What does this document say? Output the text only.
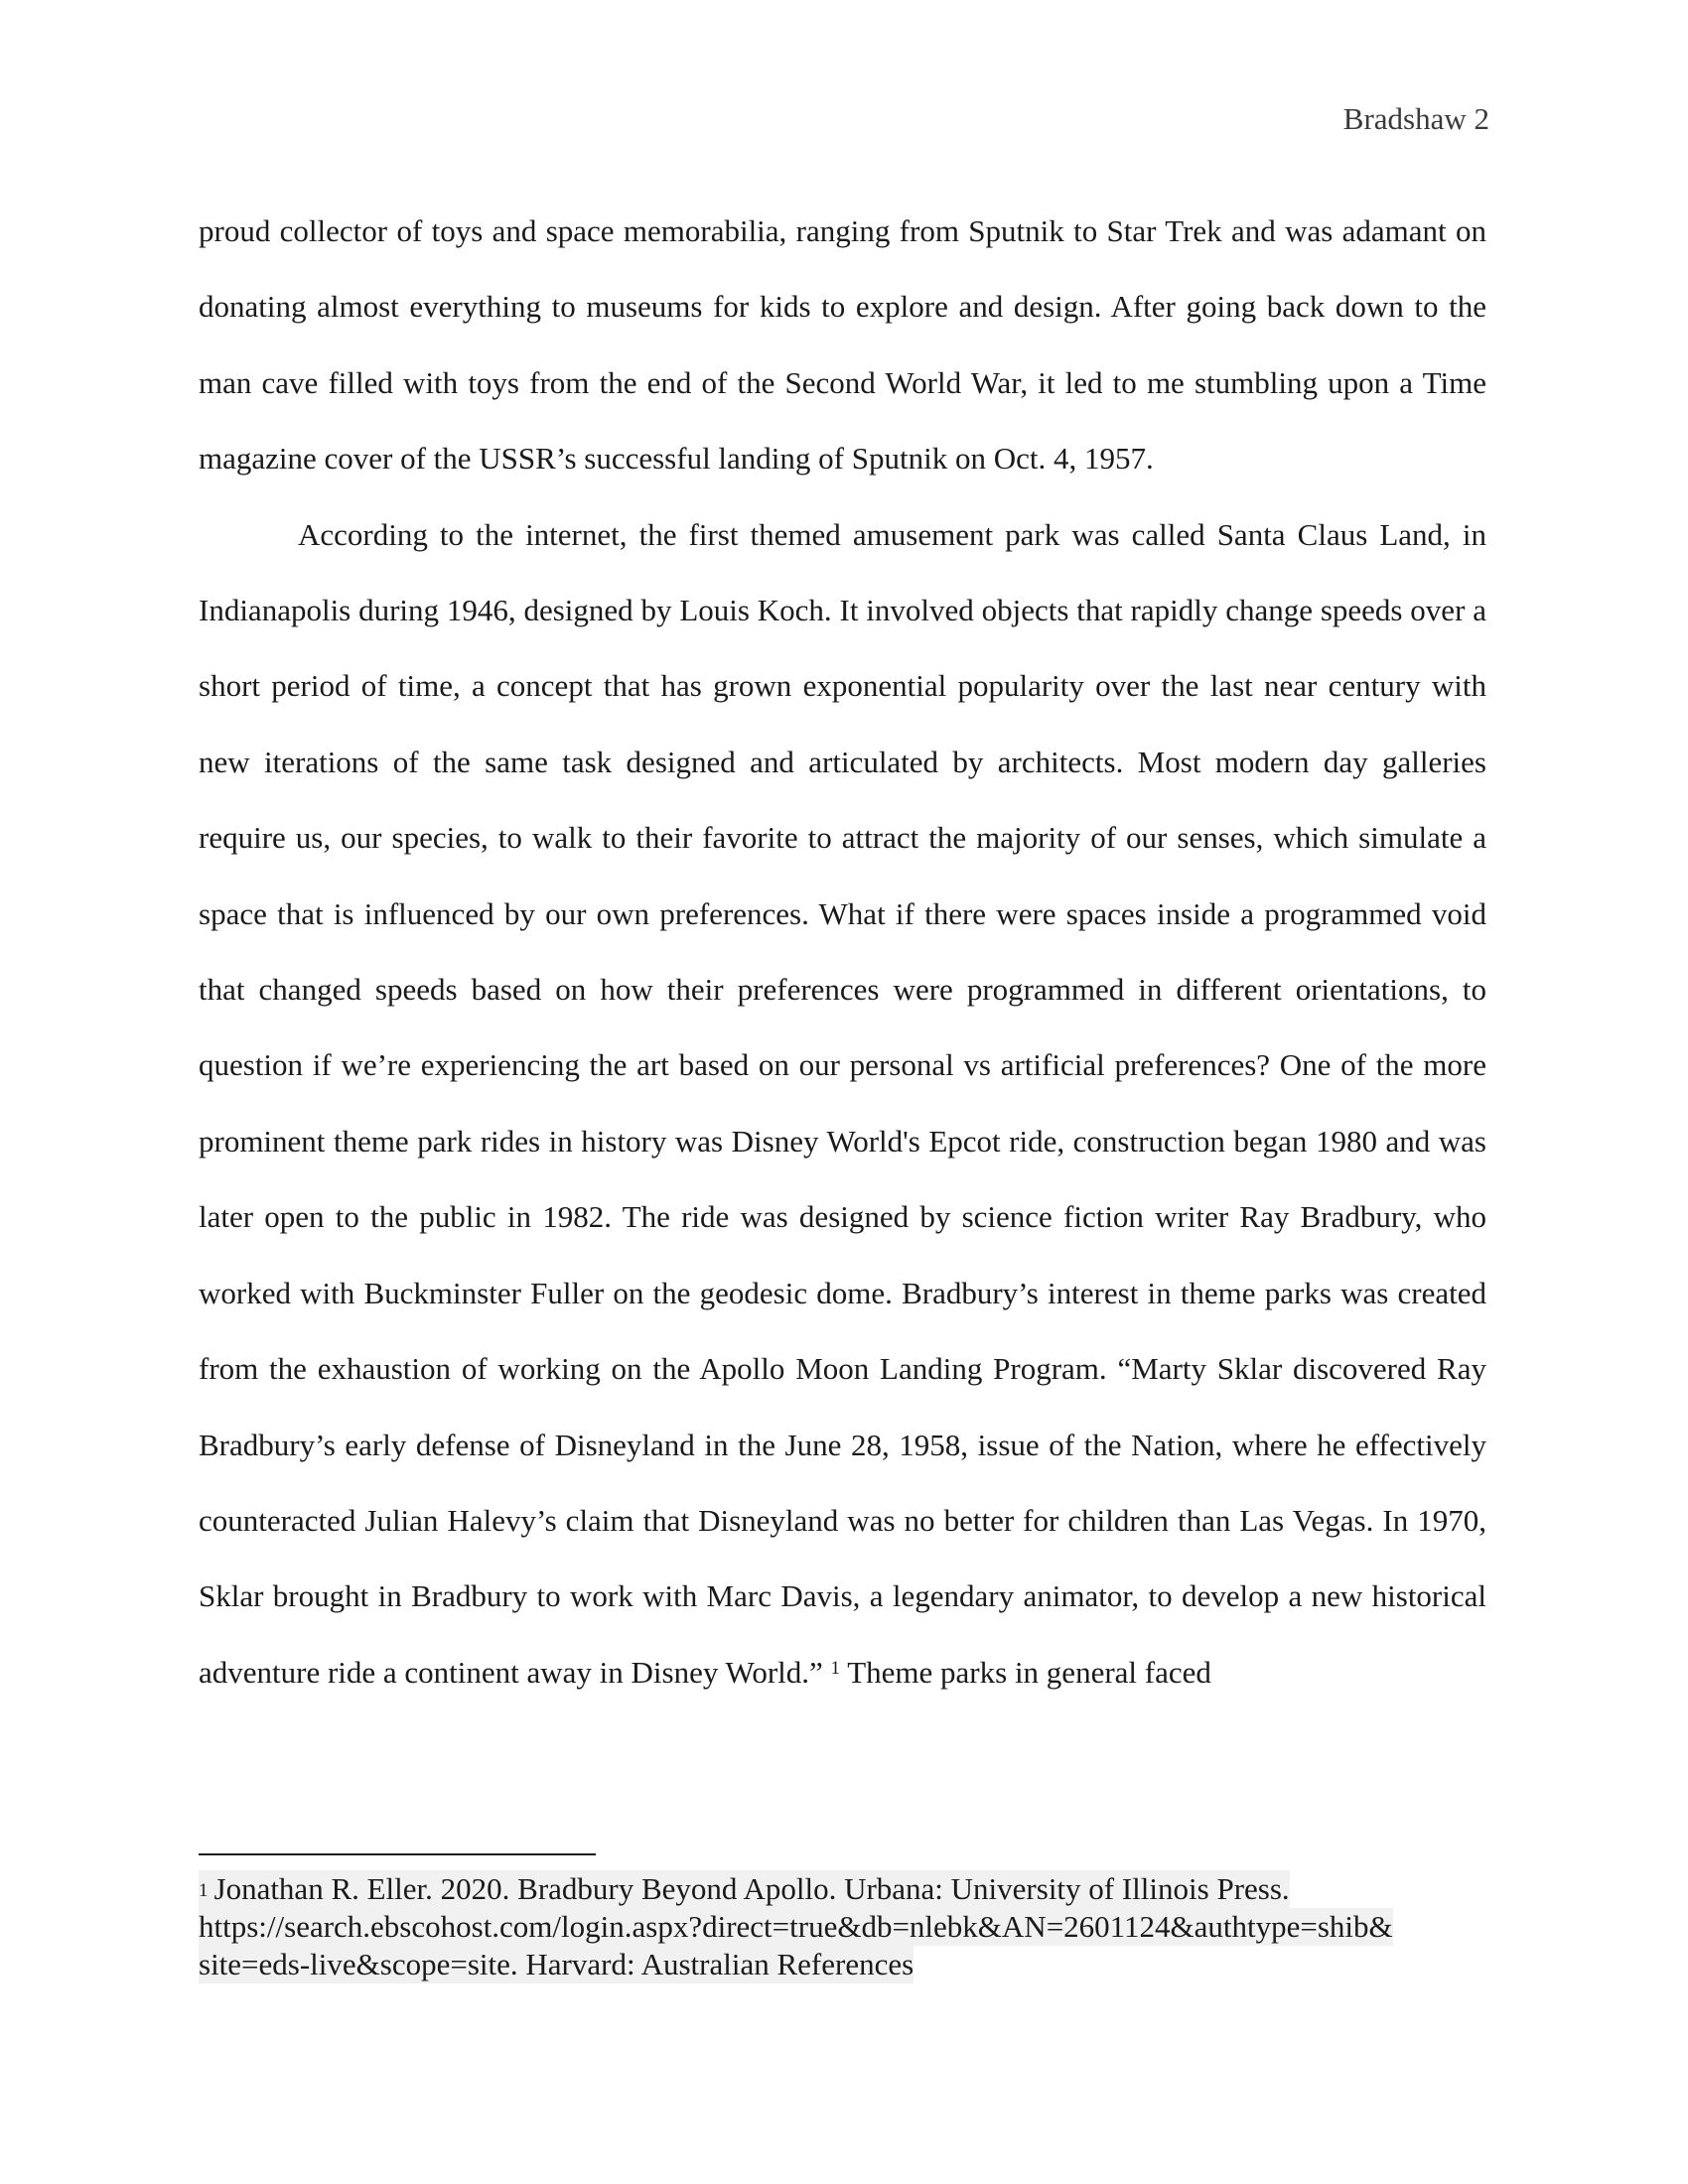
Bradshaw 2

proud collector of toys and space memorabilia, ranging from Sputnik to Star Trek and was adamant on donating almost everything to museums for kids to explore and design. After going back down to the man cave filled with toys from the end of the Second World War, it led to me stumbling upon a Time magazine cover of the USSR’s successful landing of Sputnik on Oct. 4, 1957.

According to the internet, the first themed amusement park was called Santa Claus Land, in Indianapolis during 1946, designed by Louis Koch. It involved objects that rapidly change speeds over a short period of time, a concept that has grown exponential popularity over the last near century with new iterations of the same task designed and articulated by architects. Most modern day galleries require us, our species, to walk to their favorite to attract the majority of our senses, which simulate a space that is influenced by our own preferences. What if there were spaces inside a programmed void that changed speeds based on how their preferences were programmed in different orientations, to question if we’re experiencing the art based on our personal vs artificial preferences? One of the more prominent theme park rides in history was Disney World's Epcot ride, construction began 1980 and was later open to the public in 1982. The ride was designed by science fiction writer Ray Bradbury, who worked with Buckminster Fuller on the geodesic dome. Bradbury’s interest in theme parks was created from the exhaustion of working on the Apollo Moon Landing Program. “Marty Sklar discovered Ray Bradbury’s early defense of Disneyland in the June 28, 1958, issue of the Nation, where he effectively counteracted Julian Halevy’s claim that Disneyland was no better for children than Las Vegas. In 1970, Sklar brought in Bradbury to work with Marc Davis, a legendary animator, to develop a new historical adventure ride a continent away in Disney World.” $^1$ Theme parks in general faced

$^1$ Jonathan R. Eller. 2020. Bradbury Beyond Apollo. Urbana: University of Illinois Press.
https://search.ebscohost.com/login.aspx?direct=true&db=nlebk&AN=2601124&authtype=shib&
site=eds-live&scope=site. Harvard: Australian References
